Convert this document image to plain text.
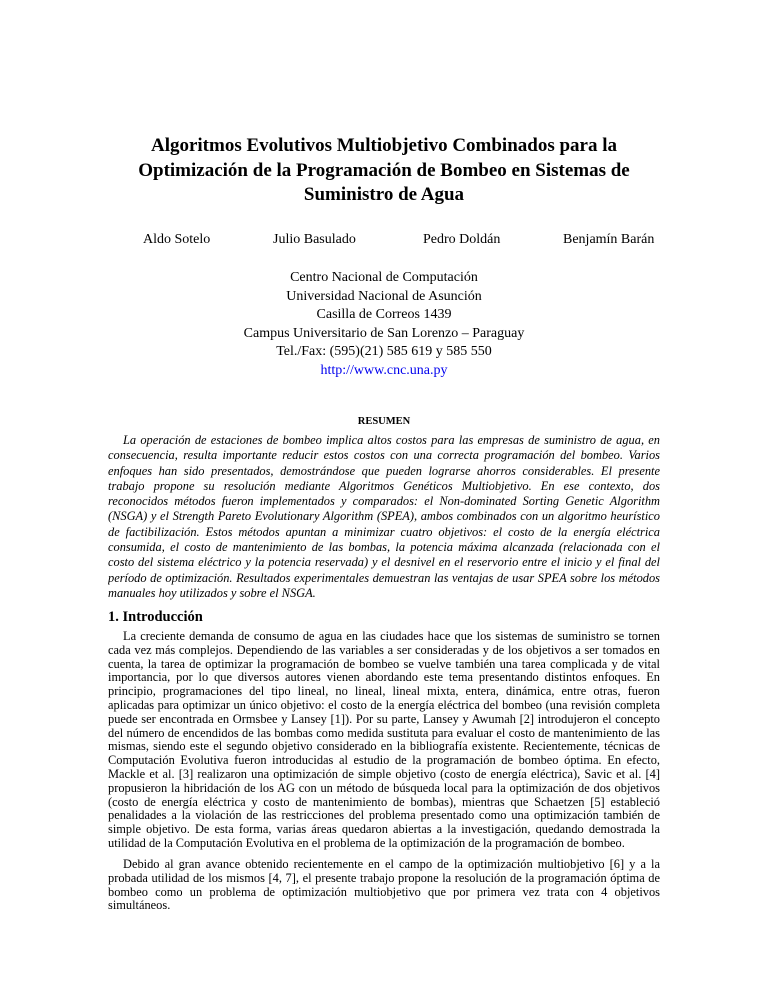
Algoritmos Evolutivos Multiobjetivo Combinados para la
Optimización de la Programación de Bombeo en Sistemas de
Suministro de Agua
Aldo Sotelo	Julio Basulado	Pedro Doldán	Benjamín Barán
Centro Nacional de Computación
Universidad Nacional de Asunción
Casilla de Correos 1439
Campus Universitario de San Lorenzo – Paraguay
Tel./Fax: (595)(21) 585 619 y 585 550
http://www.cnc.una.py
RESUMEN
La operación de estaciones de bombeo implica altos costos para las empresas de suministro de agua, en
consecuencia, resulta importante reducir estos costos con una correcta programación del bombeo. Varios
enfoques han sido presentados, demostrándose que pueden lograrse ahorros considerables. El presente
trabajo propone su resolución mediante Algoritmos Genéticos Multiobjetivo. En ese contexto, dos
reconocidos métodos fueron implementados y comparados: el Non-dominated Sorting Genetic Algorithm
(NSGA) y el Strength Pareto Evolutionary Algorithm (SPEA), ambos combinados con un algoritmo heurístico
de factibilización. Estos métodos apuntan a minimizar cuatro objetivos: el costo de la energía eléctrica
consumida, el costo de mantenimiento de las bombas, la potencia máxima alcanzada (relacionada con el
costo del sistema eléctrico y la potencia reservada) y el desnivel en el reservorio entre el inicio y el final del
período de optimización. Resultados experimentales demuestran las ventajas de usar SPEA sobre los métodos
manuales hoy utilizados y sobre el NSGA.
1. Introducción
La creciente demanda de consumo de agua en las ciudades hace que los sistemas de suministro se tornen
cada vez más complejos. Dependiendo de las variables a ser consideradas y de los objetivos a ser tomados en
cuenta, la tarea de optimizar la programación de bombeo se vuelve también una tarea complicada y de vital
importancia, por lo que diversos autores vienen abordando este tema presentando distintos enfoques. En
principio, programaciones del tipo lineal, no lineal, lineal mixta, entera, dinámica, entre otras, fueron
aplicadas para optimizar un único objetivo: el costo de la energía eléctrica del bombeo (una revisión completa
puede ser encontrada en Ormsbee y Lansey [1]). Por su parte, Lansey y Awumah [2] introdujeron el concepto
del número de encendidos de las bombas como medida sustituta para evaluar el costo de mantenimiento de las
mismas, siendo este el segundo objetivo considerado en la bibliografía existente. Recientemente, técnicas de
Computación Evolutiva fueron introducidas al estudio de la programación de bombeo óptima. En efecto,
Mackle et al. [3] realizaron una optimización de simple objetivo (costo de energía eléctrica), Savic et al. [4]
propusieron la hibridación de los AG con un método de búsqueda local para la optimización de dos objetivos
(costo de energía eléctrica y costo de mantenimiento de bombas), mientras que Schaetzen [5] estableció
penalidades a la violación de las restricciones del problema presentado como una optimización también de
simple objetivo. De esta forma, varias áreas quedaron abiertas a la investigación, quedando demostrada la
utilidad de la Computación Evolutiva en el problema de la optimización de la programación de bombeo.
Debido al gran avance obtenido recientemente en el campo de la optimización multiobjetivo [6] y a la
probada utilidad de los mismos [4, 7], el presente trabajo propone la resolución de la programación óptima de
bombeo como un problema de optimización multiobjetivo que por primera vez trata con 4 objetivos
simultáneos.
